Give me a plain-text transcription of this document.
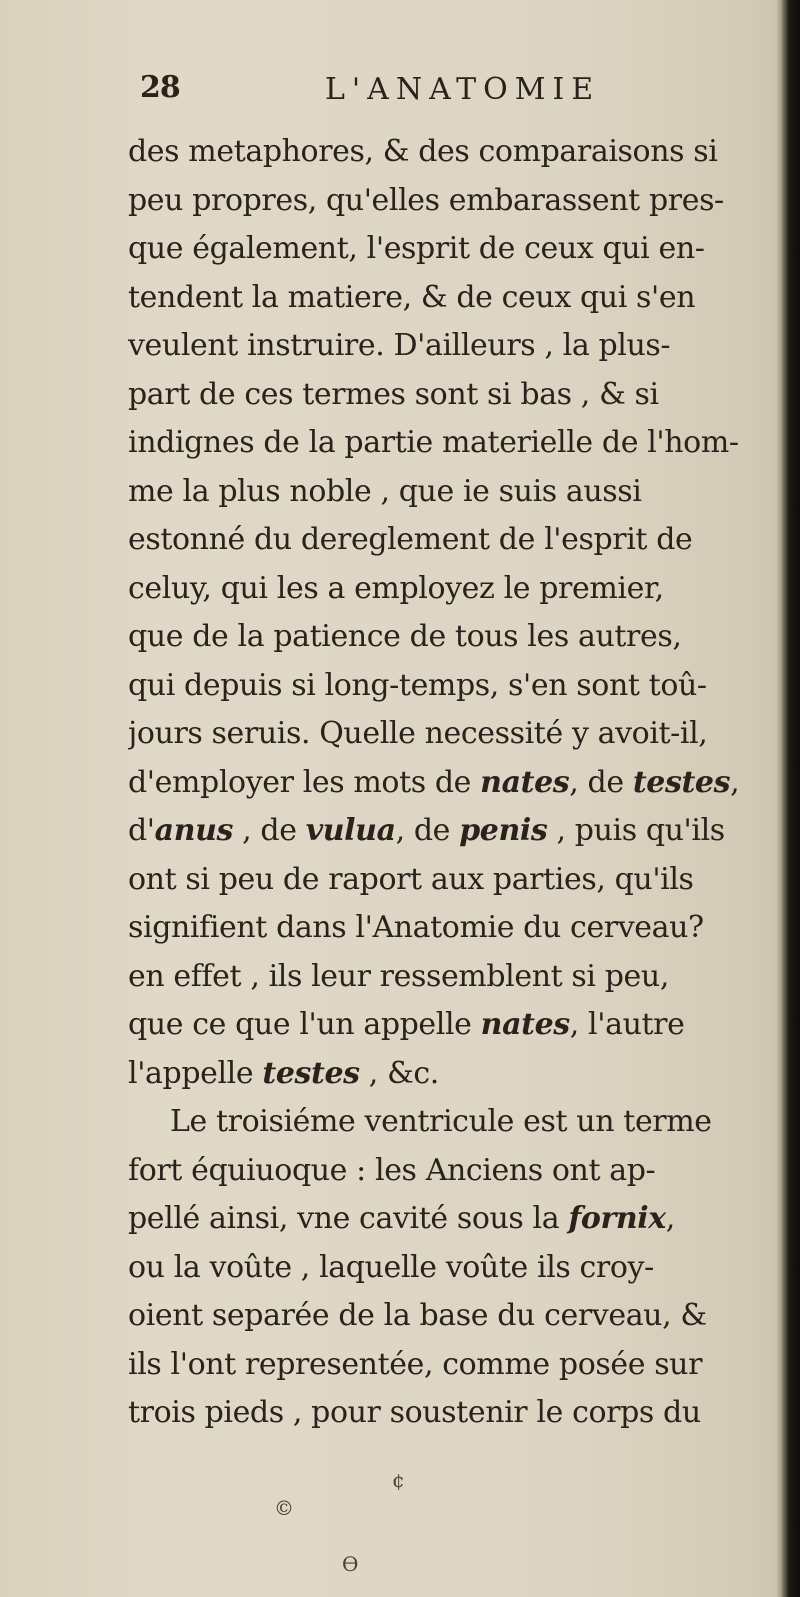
28	L'ANATOMIE
des metaphores, & des comparaisons si
peu propres, qu'elles embarassent pres-
que également, l'esprit de ceux qui en-
tendent la matiere, & de ceux qui s'en
veulent instruire. D'ailleurs , la plus-
part de ces termes sont si bas , & si
indignes de la partie materielle de l'hom-
me la plus noble , que ie suis aussi
estonné du dereglement de l'esprit de
celuy, qui les a employez le premier,
que de la patience de tous les autres,
qui depuis si long-temps, s'en sont toû-
jours seruis. Quelle necessité y avoit-il,
d'employer les mots de nates, de testes,
d'anus , de vulua, de penis , puis qu'ils
ont si peu de raport aux parties, qu'ils
signifient dans l'Anatomie du cerveau?
en effet , ils leur ressemblent si peu,
que ce que l'un appelle nates, l'autre
l'appelle testes , &c.
Le troisiéme ventricule est un terme
fort équiuoque : les Anciens ont ap-
pellé ainsi, vne cavité sous la fornix,
ou la voûte , laquelle voûte ils croy-
oient separée de la base du cerveau, &
ils l'ont representée, comme posée sur
trois pieds , pour soustenir le corps du
¢
©
ϴ
